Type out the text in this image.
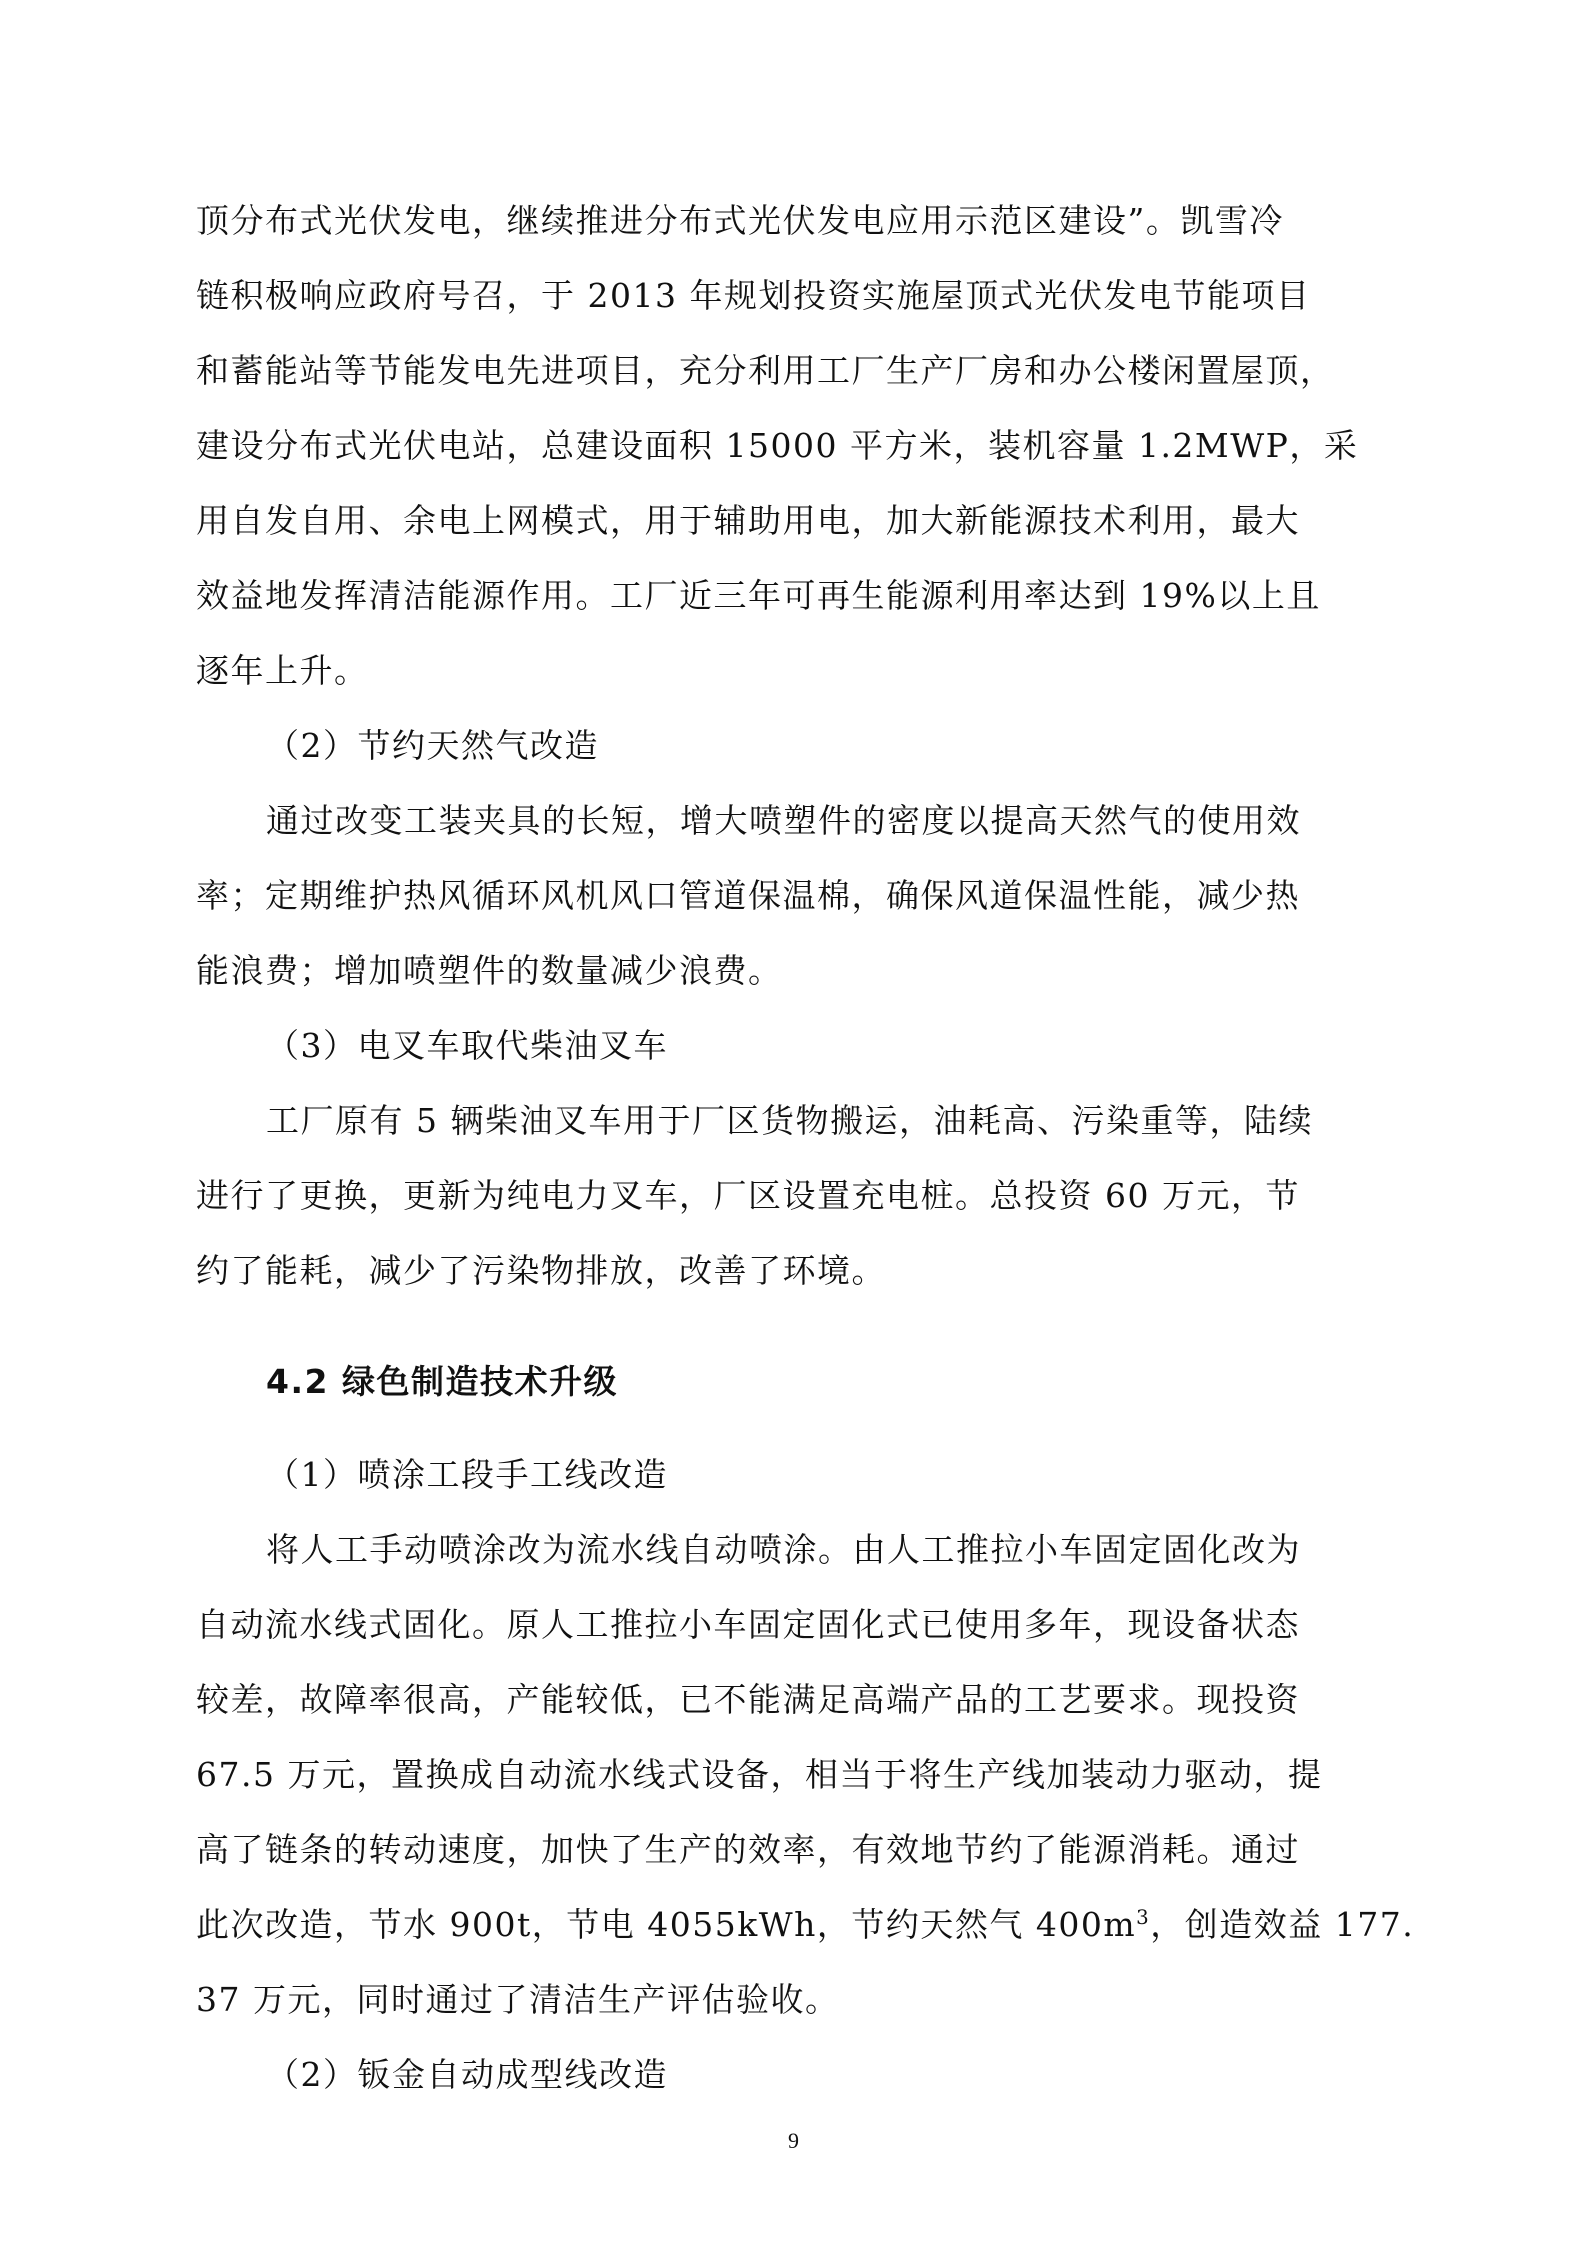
顶分布式光伏发电，继续推进分布式光伏发电应用示范区建设”。凯雪冷
链积极响应政府号召，于 2013 年规划投资实施屋顶式光伏发电节能项目
和蓄能站等节能发电先进项目，充分利用工厂生产厂房和办公楼闲置屋顶，
建设分布式光伏电站，总建设面积 15000 平方米，装机容量 1.2MWP，采
用自发自用、余电上网模式，用于辅助用电，加大新能源技术利用，最大
效益地发挥清洁能源作用。工厂近三年可再生能源利用率达到 19%以上且
逐年上升。
（2）节约天然气改造
通过改变工装夹具的长短，增大喷塑件的密度以提高天然气的使用效
率；定期维护热风循环风机风口管道保温棉，确保风道保温性能，减少热
能浪费；增加喷塑件的数量减少浪费。
（3）电叉车取代柴油叉车
工厂原有 5 辆柴油叉车用于厂区货物搬运，油耗高、污染重等，陆续
进行了更换，更新为纯电力叉车，厂区设置充电桩。总投资 60 万元，节
约了能耗，减少了污染物排放，改善了环境。
4.2 绿色制造技术升级
（1）喷涂工段手工线改造
将人工手动喷涂改为流水线自动喷涂。由人工推拉小车固定固化改为
自动流水线式固化。原人工推拉小车固定固化式已使用多年，现设备状态
较差，故障率很高，产能较低，已不能满足高端产品的工艺要求。现投资
67.5 万元，置换成自动流水线式设备，相当于将生产线加装动力驱动，提
高了链条的转动速度，加快了生产的效率，有效地节约了能源消耗。通过
此次改造，节水 900t，节电 4055kWh，节约天然气 $400m^3$，创造效益 177.
37 万元，同时通过了清洁生产评估验收。
（2）钣金自动成型线改造
9
